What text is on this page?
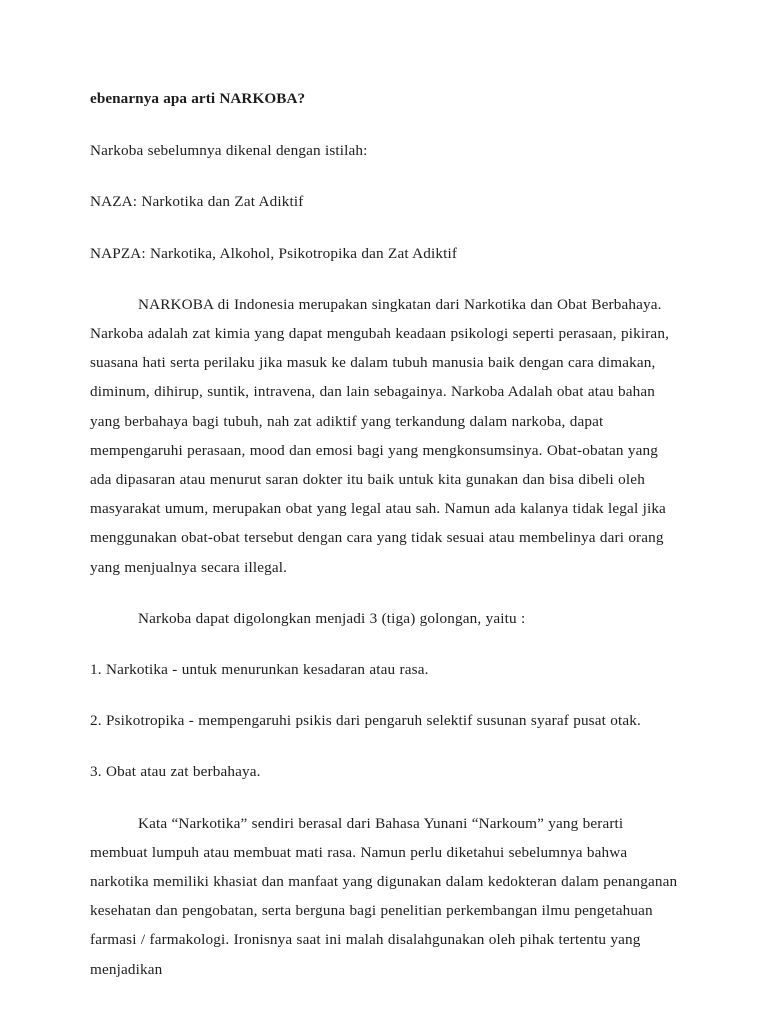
ebenarnya apa arti NARKOBA?

Narkoba sebelumnya dikenal dengan istilah:

NAZA: Narkotika dan Zat Adiktif

NAPZA: Narkotika, Alkohol, Psikotropika dan Zat Adiktif

NARKOBA di Indonesia merupakan singkatan dari Narkotika dan Obat Berbahaya. Narkoba adalah zat kimia yang dapat mengubah keadaan psikologi seperti perasaan, pikiran, suasana hati serta perilaku jika masuk ke dalam tubuh manusia baik dengan cara dimakan, diminum, dihirup, suntik, intravena, dan lain sebagainya. Narkoba Adalah obat atau bahan yang berbahaya bagi tubuh, nah zat adiktif yang terkandung dalam narkoba, dapat mempengaruhi perasaan, mood dan emosi bagi yang mengkonsumsinya. Obat-obatan yang ada dipasaran atau menurut saran dokter itu baik untuk kita gunakan dan bisa dibeli oleh masyarakat umum, merupakan obat yang legal atau sah. Namun ada kalanya tidak legal jika menggunakan obat-obat tersebut dengan cara yang tidak sesuai atau membelinya dari orang yang menjualnya secara illegal.

Narkoba dapat digolongkan menjadi 3 (tiga) golongan, yaitu :

1. Narkotika - untuk menurunkan kesadaran atau rasa.

2. Psikotropika - mempengaruhi psikis dari pengaruh selektif susunan syaraf pusat otak.

3. Obat atau zat berbahaya.

Kata “Narkotika” sendiri berasal dari Bahasa Yunani “Narkoum” yang berarti membuat lumpuh atau membuat mati rasa. Namun perlu diketahui sebelumnya bahwa narkotika memiliki khasiat dan manfaat yang digunakan dalam kedokteran dalam penanganan kesehatan dan pengobatan, serta berguna bagi penelitian perkembangan ilmu pengetahuan farmasi / farmakologi. Ironisnya saat ini malah disalahgunakan oleh pihak tertentu yang menjadikan
